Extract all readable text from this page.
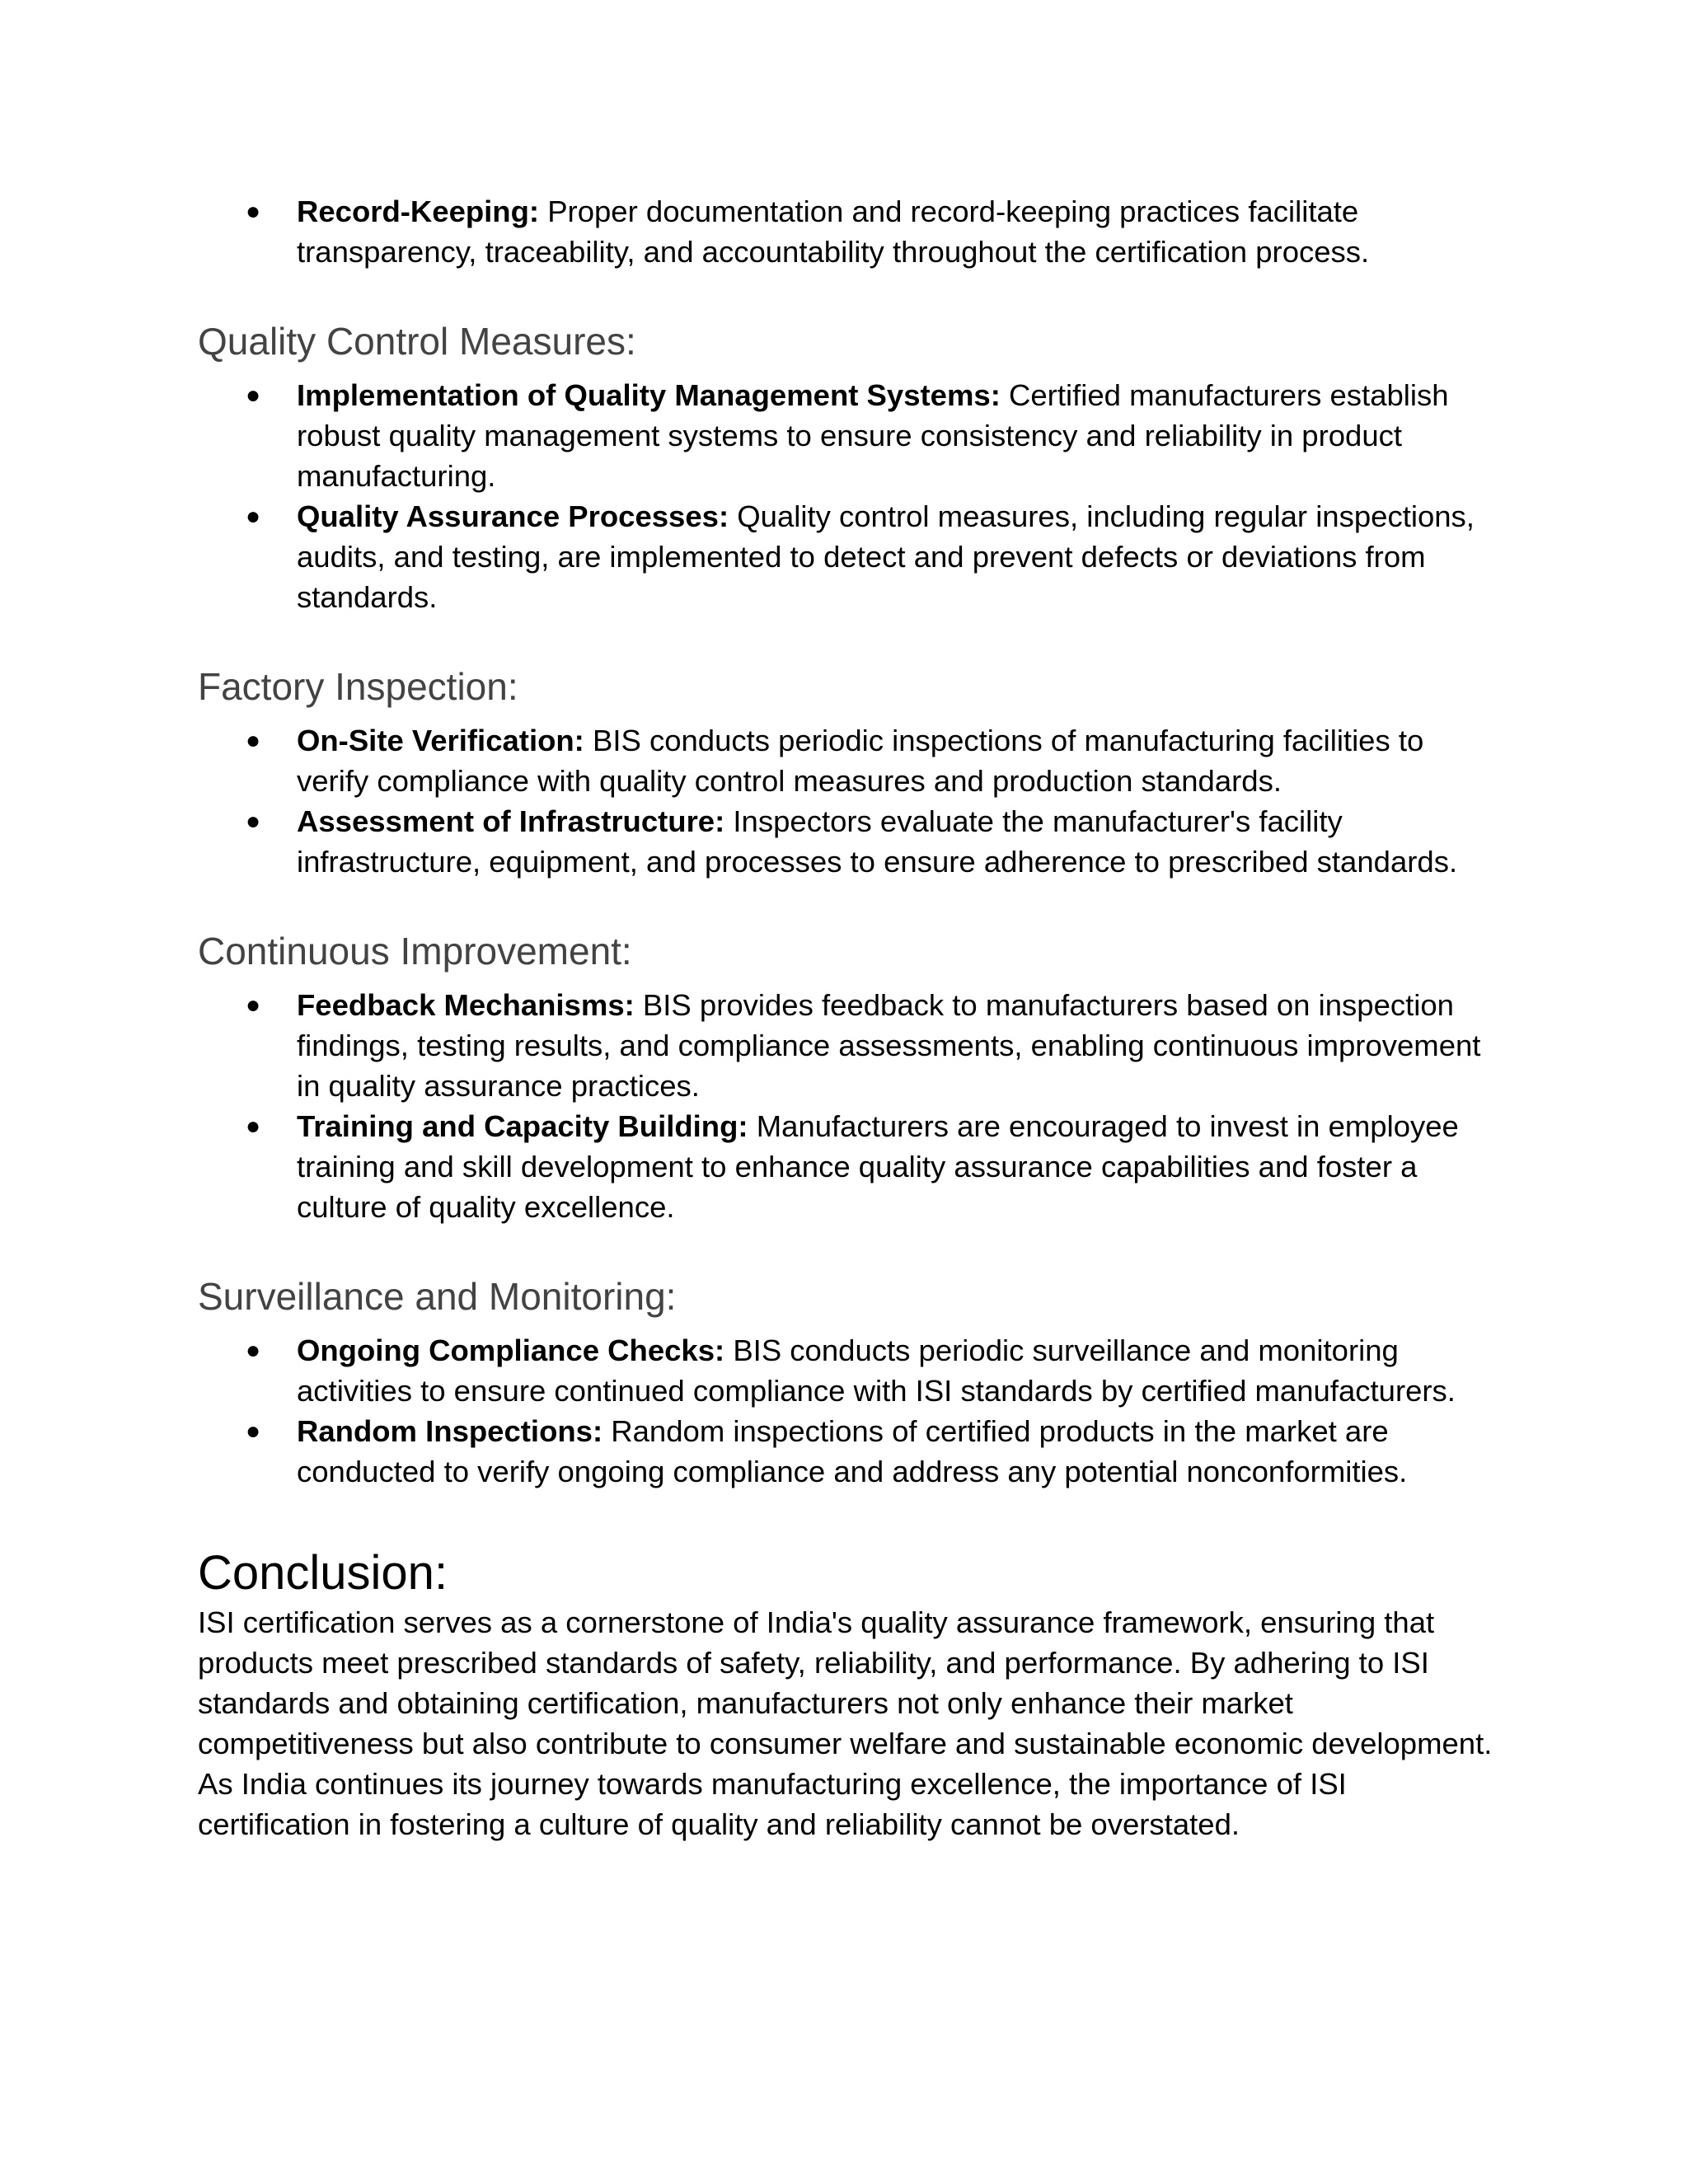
● Record-Keeping: Proper documentation and record-keeping practices facilitate transparency, traceability, and accountability throughout the certification process.
Quality Control Measures:
● Implementation of Quality Management Systems: Certified manufacturers establish robust quality management systems to ensure consistency and reliability in product manufacturing.
● Quality Assurance Processes: Quality control measures, including regular inspections, audits, and testing, are implemented to detect and prevent defects or deviations from standards.
Factory Inspection:
● On-Site Verification: BIS conducts periodic inspections of manufacturing facilities to verify compliance with quality control measures and production standards.
● Assessment of Infrastructure: Inspectors evaluate the manufacturer's facility infrastructure, equipment, and processes to ensure adherence to prescribed standards.
Continuous Improvement:
● Feedback Mechanisms: BIS provides feedback to manufacturers based on inspection findings, testing results, and compliance assessments, enabling continuous improvement in quality assurance practices.
● Training and Capacity Building: Manufacturers are encouraged to invest in employee training and skill development to enhance quality assurance capabilities and foster a culture of quality excellence.
Surveillance and Monitoring:
● Ongoing Compliance Checks: BIS conducts periodic surveillance and monitoring activities to ensure continued compliance with ISI standards by certified manufacturers.
● Random Inspections: Random inspections of certified products in the market are conducted to verify ongoing compliance and address any potential nonconformities.
Conclusion:

ISI certification serves as a cornerstone of India's quality assurance framework, ensuring that products meet prescribed standards of safety, reliability, and performance. By adhering to ISI standards and obtaining certification, manufacturers not only enhance their market competitiveness but also contribute to consumer welfare and sustainable economic development. As India continues its journey towards manufacturing excellence, the importance of ISI certification in fostering a culture of quality and reliability cannot be overstated.
